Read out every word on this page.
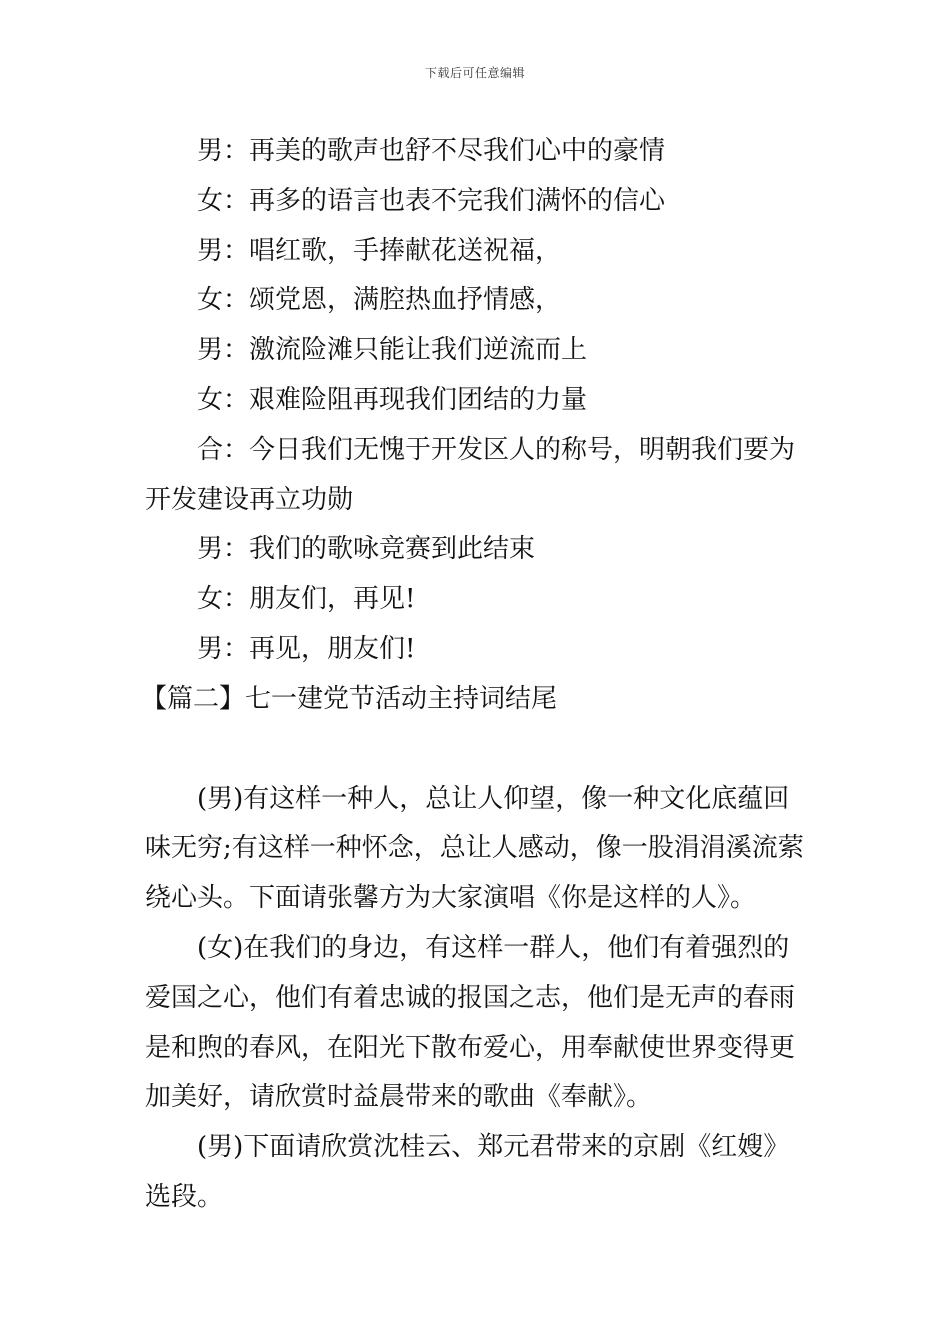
下载后可任意编辑

男：再美的歌声也舒不尽我们心中的豪情

女：再多的语言也表不完我们满怀的信心

男：唱红歌，手捧献花送祝福，

女：颂党恩，满腔热血抒情感，

男：激流险滩只能让我们逆流而上

女：艰难险阻再现我们团结的力量

合：今日我们无愧于开发区人的称号，明朝我们要为

开发建设再立功勋

男：我们的歌咏竞赛到此结束

女：朋友们，再见!

男：再见，朋友们!

【篇二】七一建党节活动主持词结尾

(男)有这样一种人，总让人仰望，像一种文化底蕴回

味无穷;有这样一种怀念，总让人感动，像一股涓涓溪流萦

绕心头。下面请张馨方为大家演唱《你是这样的人》。

(女)在我们的身边，有这样一群人，他们有着强烈的

爱国之心，他们有着忠诚的报国之志，他们是无声的春雨

是和煦的春风，在阳光下散布爱心，用奉献使世界变得更

加美好，请欣赏时益晨带来的歌曲《奉献》。

(男)下面请欣赏沈桂云、郑元君带来的京剧《红嫂》

选段。
